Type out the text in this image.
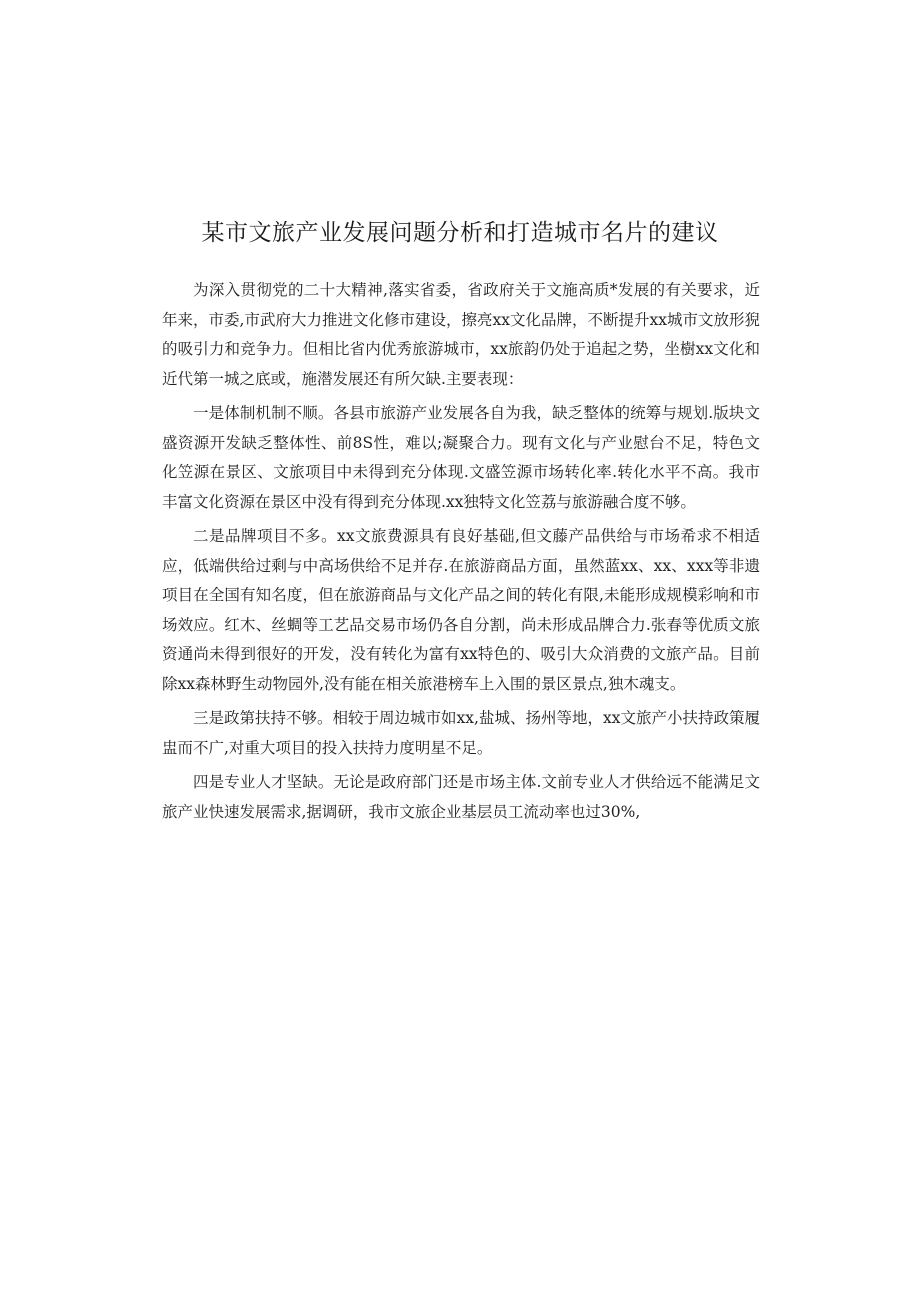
某市文旅产业发展问题分析和打造城市名片的建议

为深入贯彻党的二十大精神,落实省委，省政府关于文施高质*发展的有关要求，近年来，市委,市武府大力推进文化修市建设，擦亮xx文化品牌，不断提升xx城市文放形猊的吸引力和竞争力。但相比省内优秀旅游城市，xx旅韵仍处于追起之势，坐樹xx文化和近代第一城之底或，施潜发展还有所欠缺.主要表现：

一是体制机制不顺。各县市旅游产业发展各自为我，缺乏整体的统筹与规划.版块文盛资源开发缺乏整体性、前8S性，难以;凝聚合力。现有文化与产业慰台不足，特色文化笠源在景区、文旅项目中未得到充分体现.文盛笠源市场转化率.转化水平不高。我市丰富文化资源在景区中没有得到充分体现.xx独特文化笠荔与旅游融合度不够。

二是品牌项目不多。xx文旅费源具有良好基础,但文藤产品供给与市场希求不相适应，低端供给过剩与中高场供给不足并存.在旅游商品方面，虽然蓝xx、xx、xxx等非遗项目在全国有知名度，但在旅游商品与文化产品之间的转化有限,未能形成规模彩响和市场效应。红木、丝蜩等工艺品交易市场仍各自分割，尚未形成品牌合力.张春等优质文旅资通尚未得到很好的开发，没有转化为富有xx特色的、吸引大众消费的文旅产品。目前除xx森林野生动物园外,没有能在相关旅港榜车上入围的景区景点,独木魂支。

三是政第扶持不够。相较于周边城市如xx,盐城、扬州等地，xx文旅产小扶持政策履盅而不广,对重大项目的投入扶持力度明星不足。

四是专业人才坚缺。无论是政府部门还是市场主体.文前专业人才供给远不能满足文旅产业快速发展需求,据调研，我市文旅企业基层员工流动率也过30%,
